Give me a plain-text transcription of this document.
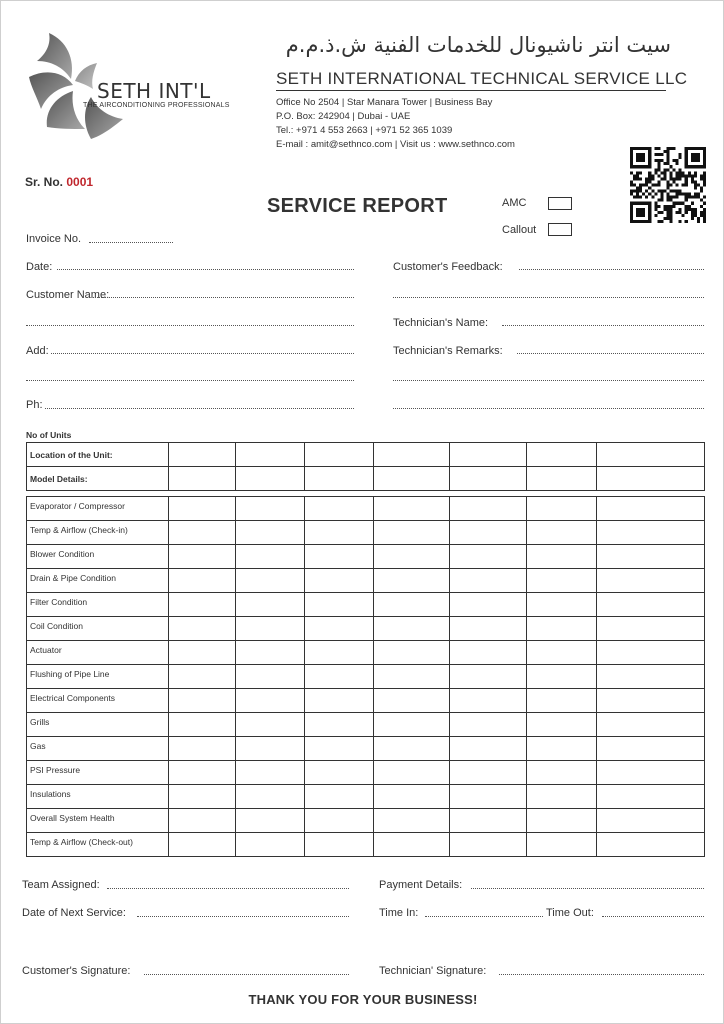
SETH INT'L
THE AIRCONDITIONING PROFESSIONALS
سيت انتر ناشيونال للخدمات الفنية ش.ذ.م.م
SETH INTERNATIONAL TECHNICAL SERVICE LLC
Office No 2504 | Star Manara Tower | Business Bay
P.O. Box: 242904 | Dubai - UAE
Tel.: +971 4 553 2663 | +971 52 365 1039
E-mail : amit@sethnco.com | Visit us : www.sethnco.com
Sr. No. 0001
SERVICE REPORT	AMC
Callout
Invoice No.
Date:
Customer Name:
Add:
Ph:
Customer's Feedback:
Technician's Name:
Technician's Remarks:
No of Units
Location of the Unit:							
Model Details:							
Evaporator / Compressor							
Temp & Airflow (Check-in)							
Blower Condition							
Drain & Pipe Condition							
Filter Condition							
Coil Condition							
Actuator							
Flushing of Pipe Line							
Electrical Components							
Grills							
Gas							
PSI Pressure							
Insulations							
Overall System Health							
Temp & Airflow (Check-out)							
Team Assigned:	Payment Details:
Date of Next Service:	Time In:	Time Out:
Customer's Signature:	Technician' Signature:
THANK YOU FOR YOUR BUSINESS!
